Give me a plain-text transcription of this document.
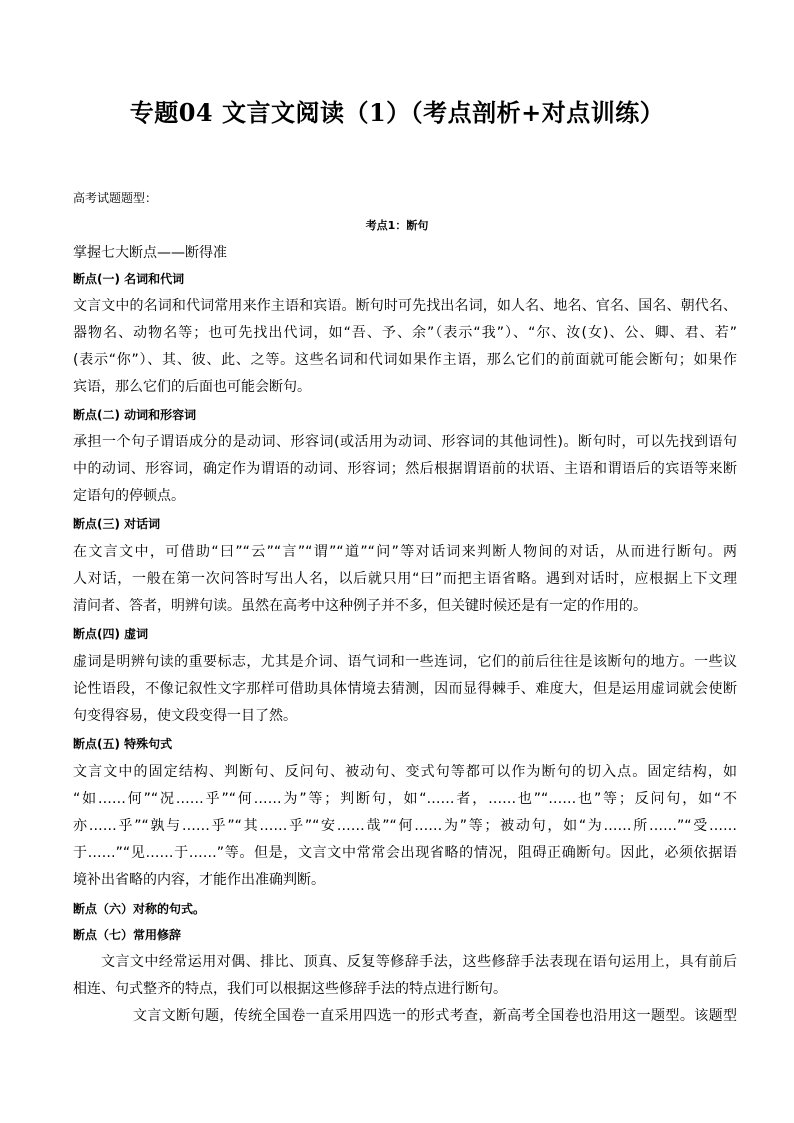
专题04 文言文阅读（1）（考点剖析+对点训练）
高考试题题型：
考点1：断句
掌握七大断点——断得准
断点(一) 名词和代词
文言文中的名词和代词常用来作主语和宾语。断句时可先找出名词，如人名、地名、官名、国名、朝代名、
器物名、动物名等；也可先找出代词，如“吾、予、余”（表示“我”）、“尔、汝(女)、公、卿、君、若”
(表示“你”）、其、彼、此、之等。这些名词和代词如果作主语，那么它们的前面就可能会断句；如果作
宾语，那么它们的后面也可能会断句。
断点(二) 动词和形容词
承担一个句子谓语成分的是动词、形容词(或活用为动词、形容词的其他词性)。断句时，可以先找到语句
中的动词、形容词，确定作为谓语的动词、形容词；然后根据谓语前的状语、主语和谓语后的宾语等来断
定语句的停顿点。
断点(三) 对话词
在文言文中，可借助“曰”“云”“言”“谓”“道”“问”等对话词来判断人物间的对话，从而进行断句。两
人对话，一般在第一次问答时写出人名，以后就只用“曰”而把主语省略。遇到对话时，应根据上下文理
清问者、答者，明辨句读。虽然在高考中这种例子并不多，但关键时候还是有一定的作用的。
断点(四) 虚词
虚词是明辨句读的重要标志，尤其是介词、语气词和一些连词，它们的前后往往是该断句的地方。一些议
论性语段，不像记叙性文字那样可借助具体情境去猜测，因而显得棘手、难度大，但是运用虚词就会使断
句变得容易，使文段变得一目了然。
断点(五) 特殊句式
文言文中的固定结构、判断句、反问句、被动句、变式句等都可以作为断句的切入点。固定结构，如
“如……何”“况……乎”“何……为”等；判断句，如“……者，……也”“……也”等；反问句，如“不
亦……乎”“孰与……乎”“其……乎”“安……哉”“何……为”等；被动句，如“为……所……”“受……
于……”“见……于……”等。但是，文言文中常常会出现省略的情况，阻碍正确断句。因此，必须依据语
境补出省略的内容，才能作出准确判断。
断点（六）对称的句式。
断点（七）常用修辞
文言文中经常运用对偶、排比、顶真、反复等修辞手法，这些修辞手法表现在语句运用上，具有前后
相连、句式整齐的特点，我们可以根据这些修辞手法的特点进行断句。
文言文断句题，传统全国卷一直采用四选一的形式考查，新高考全国卷也沿用这一题型。该题型
